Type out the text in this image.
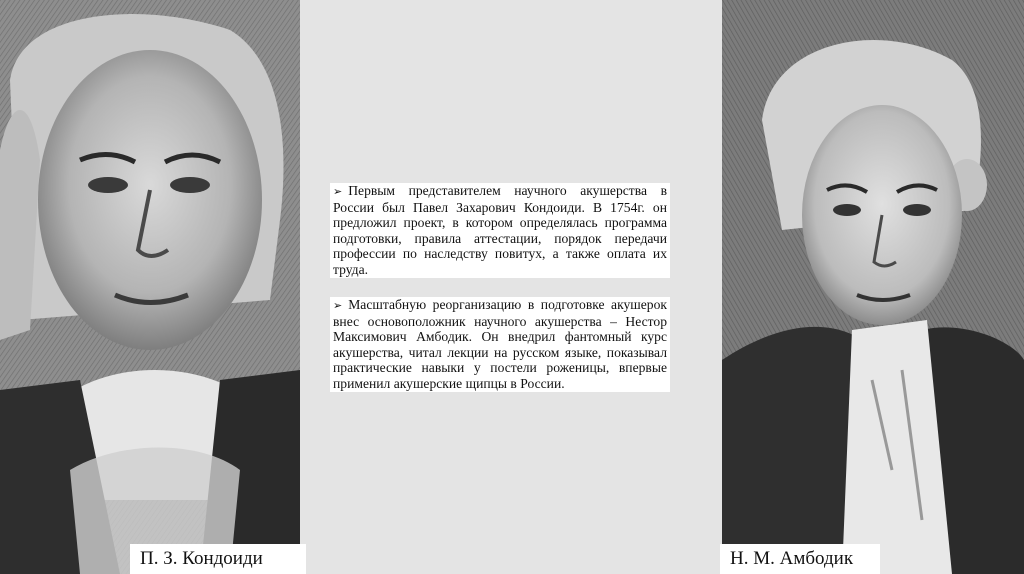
П. З. Кондоиди	Н. М. Амбодик
➢ Первым представителем научного акушерства в России был Павел Захарович Кондоиди. В 1754г. он предложил проект, в котором определялась программа подготовки, правила аттестации, порядок передачи профессии по наследству повитух, а также оплата их труда.
➢ Масштабную реорганизацию в подготовке акушерок внес основоположник научного акушерства – Нестор Максимович Амбодик. Он внедрил фантомный курс акушерства, читал лекции на русском языке, показывал практические навыки у постели роженицы, впервые применил акушерские щипцы в России.
